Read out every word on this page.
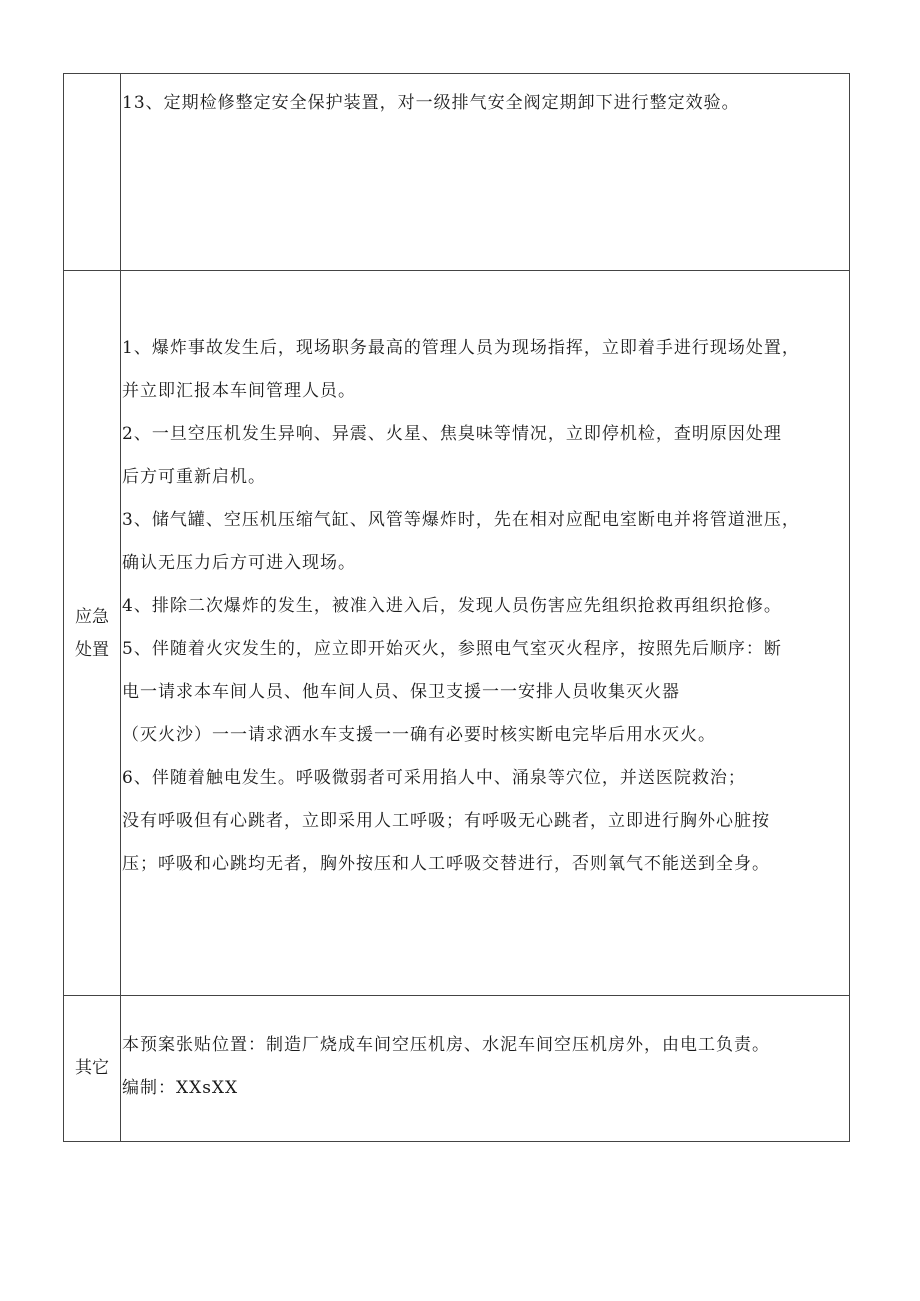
13、定期检修整定安全保护装置，对一级排气安全阀定期卸下进行整定效验。

应急
处置

1、爆炸事故发生后，现场职务最高的管理人员为现场指挥，立即着手进行现场处置，
并立即汇报本车间管理人员。
2、一旦空压机发生异响、异震、火星、焦臭味等情况，立即停机检，查明原因处理
后方可重新启机。
3、储气罐、空压机压缩气缸、风管等爆炸时，先在相对应配电室断电并将管道泄压，
确认无压力后方可进入现场。
4、排除二次爆炸的发生，被准入进入后，发现人员伤害应先组织抢救再组织抢修。
5、伴随着火灾发生的，应立即开始灭火，参照电气室灭火程序，按照先后顺序：断
电一请求本车间人员、他车间人员、保卫支援一一安排人员收集灭火器
（灭火沙）一一请求洒水车支援一一确有必要时核实断电完毕后用水灭火。
6、伴随着触电发生。呼吸微弱者可采用掐人中、涌泉等穴位，并送医院救治；
没有呼吸但有心跳者，立即采用人工呼吸；有呼吸无心跳者，立即进行胸外心脏按
压；呼吸和心跳均无者，胸外按压和人工呼吸交替进行，否则氧气不能送到全身。

其它

本预案张贴位置：制造厂烧成车间空压机房、水泥车间空压机房外，由电工负责。
编制：XXsXX
